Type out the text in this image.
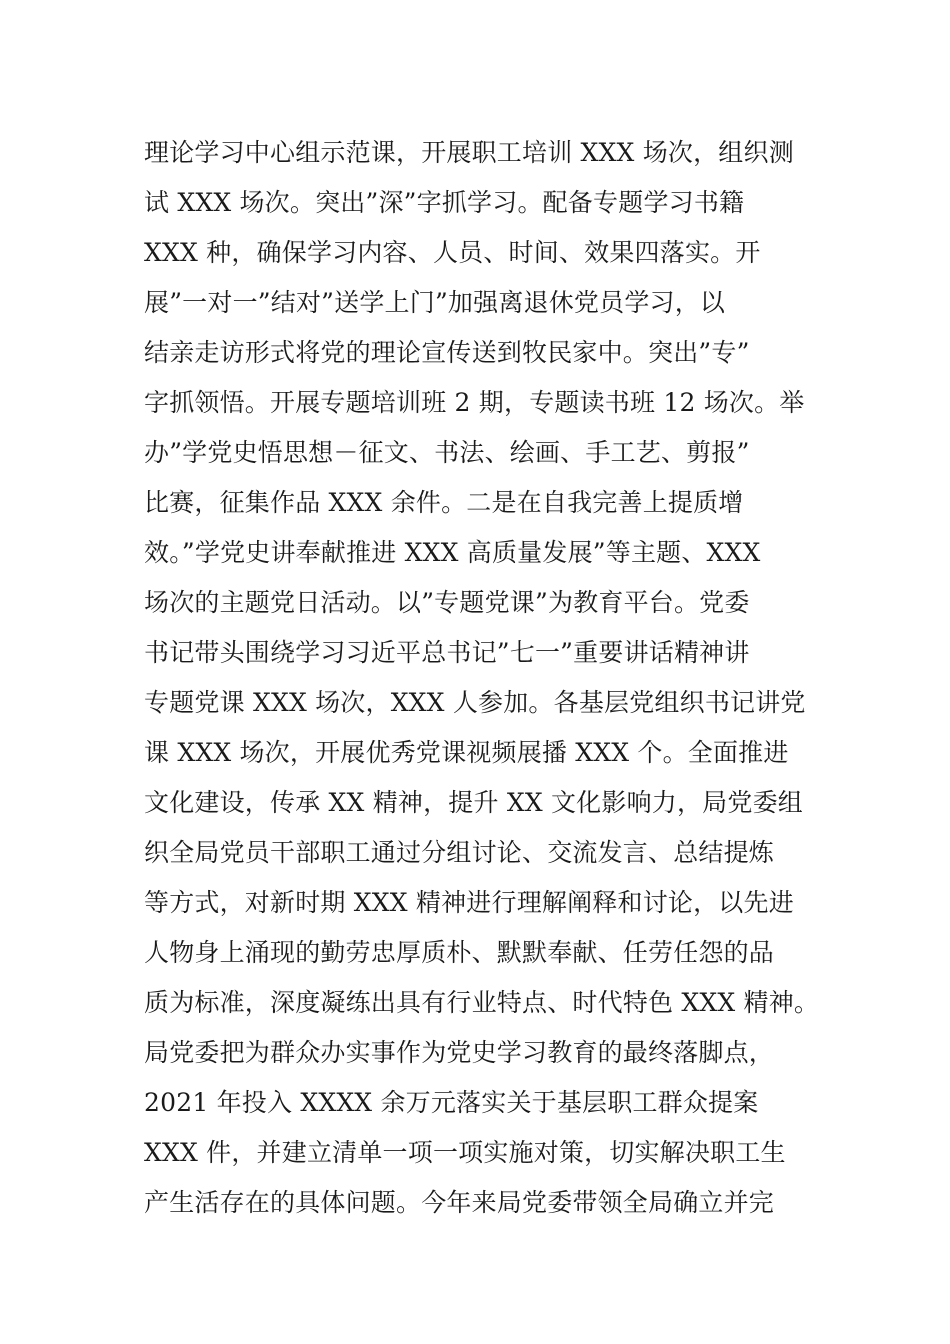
理论学习中心组示范课，开展职工培训 XXX 场次，组织测
试 XXX 场次。突出”深”字抓学习。配备专题学习书籍
XXX 种，确保学习内容、人员、时间、效果四落实。开
展”一对一”结对”送学上门”加强离退休党员学习，以
结亲走访形式将党的理论宣传送到牧民家中。突出”专”
字抓领悟。开展专题培训班 2 期，专题读书班 12 场次。举
办”学党史悟思想－征文、书法、绘画、手工艺、剪报”
比赛，征集作品 XXX 余件。二是在自我完善上提质增
效。”学党史讲奉献推进 XXX 高质量发展”等主题、XXX
场次的主题党日活动。以”专题党课”为教育平台。党委
书记带头围绕学习习近平总书记”七一”重要讲话精神讲
专题党课 XXX 场次，XXX 人参加。各基层党组织书记讲党
课 XXX 场次，开展优秀党课视频展播 XXX 个。全面推进
文化建设，传承 XX 精神，提升 XX 文化影响力，局党委组
织全局党员干部职工通过分组讨论、交流发言、总结提炼
等方式，对新时期 XXX 精神进行理解阐释和讨论，以先进
人物身上涌现的勤劳忠厚质朴、默默奉献、任劳任怨的品
质为标准，深度凝练出具有行业特点、时代特色 XXX 精神。
局党委把为群众办实事作为党史学习教育的最终落脚点，
2021 年投入 XXXX 余万元落实关于基层职工群众提案
XXX 件，并建立清单一项一项实施对策，切实解决职工生
产生活存在的具体问题。今年来局党委带领全局确立并完
